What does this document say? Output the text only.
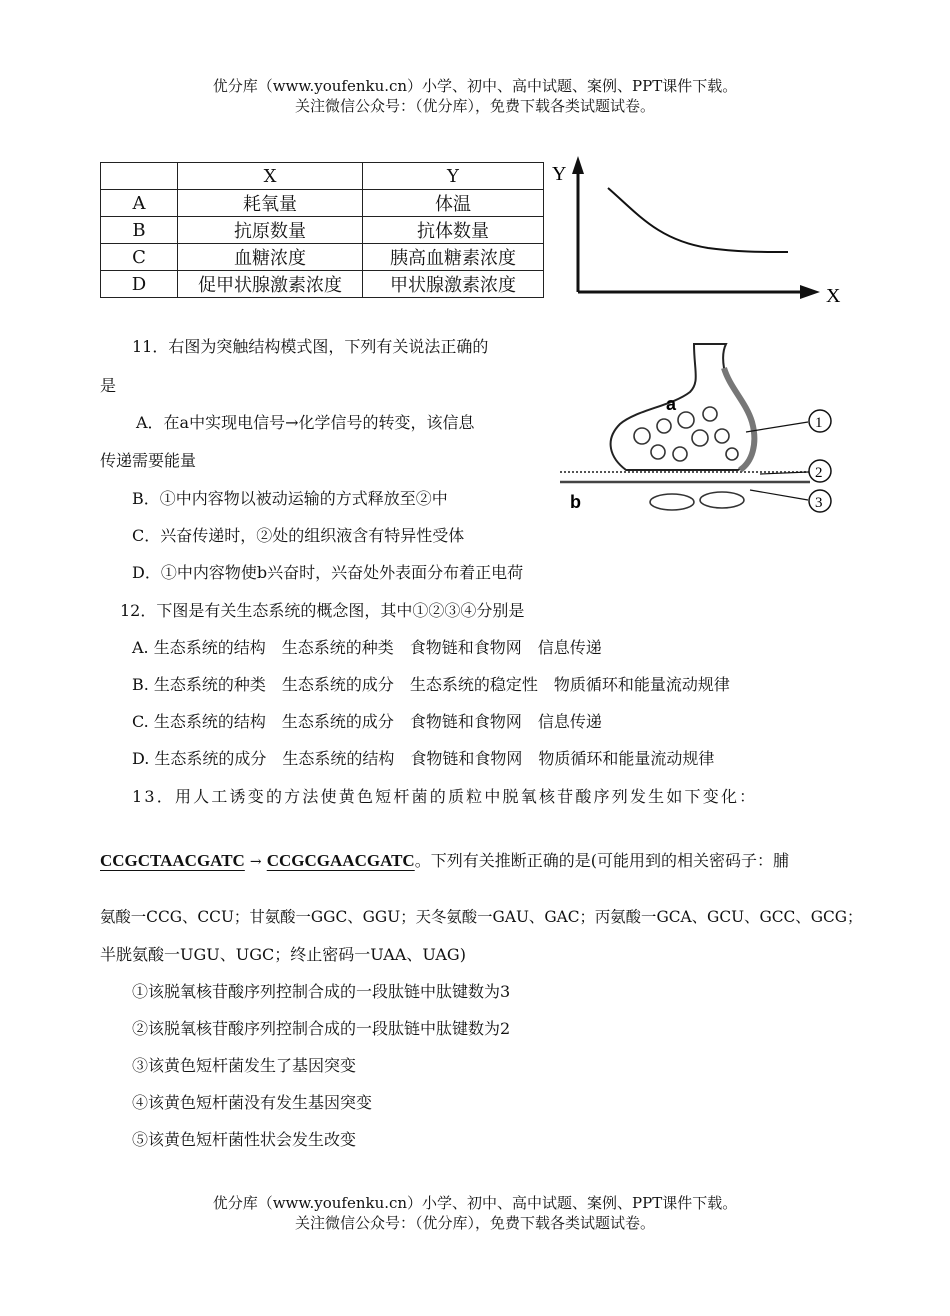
优分库（www.youfenku.cn）小学、初中、高中试题、案例、PPT课件下载。
关注微信公众号：（优分库），免费下载各类试题试卷。
	X	Y
A	耗氧量	体温
B	抗原数量	抗体数量
C	血糖浓度	胰高血糖素浓度
D	促甲状腺激素浓度	甲状腺激素浓度
Y
X
11．右图为突触结构模式图，下列有关说法正确的
是
A．在a中实现电信号→化学信号的转变，该信息
传递需要能量
B．①中内容物以被动运输的方式释放至②中
C．兴奋传递时，②处的组织液含有特异性受体
D．①中内容物使b兴奋时，兴奋处外表面分布着正电荷
1
2
3
a
b
12．下图是有关生态系统的概念图，其中①②③④分别是
A. 生态系统的结构　生态系统的种类　食物链和食物网　信息传递
B. 生态系统的种类　生态系统的成分　生态系统的稳定性　物质循环和能量流动规律
C. 生态系统的结构　生态系统的成分　食物链和食物网　信息传递
D. 生态系统的成分　生态系统的结构　食物链和食物网　物质循环和能量流动规律
13．用人工诱变的方法使黄色短杆菌的质粒中脱氧核苷酸序列发生如下变化：
CCGCTAACGATC → CCGCGAACGATC。下列有关推断正确的是(可能用到的相关密码子：脯
氨酸一CCG、CCU；甘氨酸一GGC、GGU；天冬氨酸一GAU、GAC；丙氨酸一GCA、GCU、GCC、GCG；
半胱氨酸一UGU、UGC；终止密码一UAA、UAG)
①该脱氧核苷酸序列控制合成的一段肽链中肽键数为3
②该脱氧核苷酸序列控制合成的一段肽链中肽键数为2
③该黄色短杆菌发生了基因突变
④该黄色短杆菌没有发生基因突变
⑤该黄色短杆菌性状会发生改变
优分库（www.youfenku.cn）小学、初中、高中试题、案例、PPT课件下载。
关注微信公众号：（优分库），免费下载各类试题试卷。
